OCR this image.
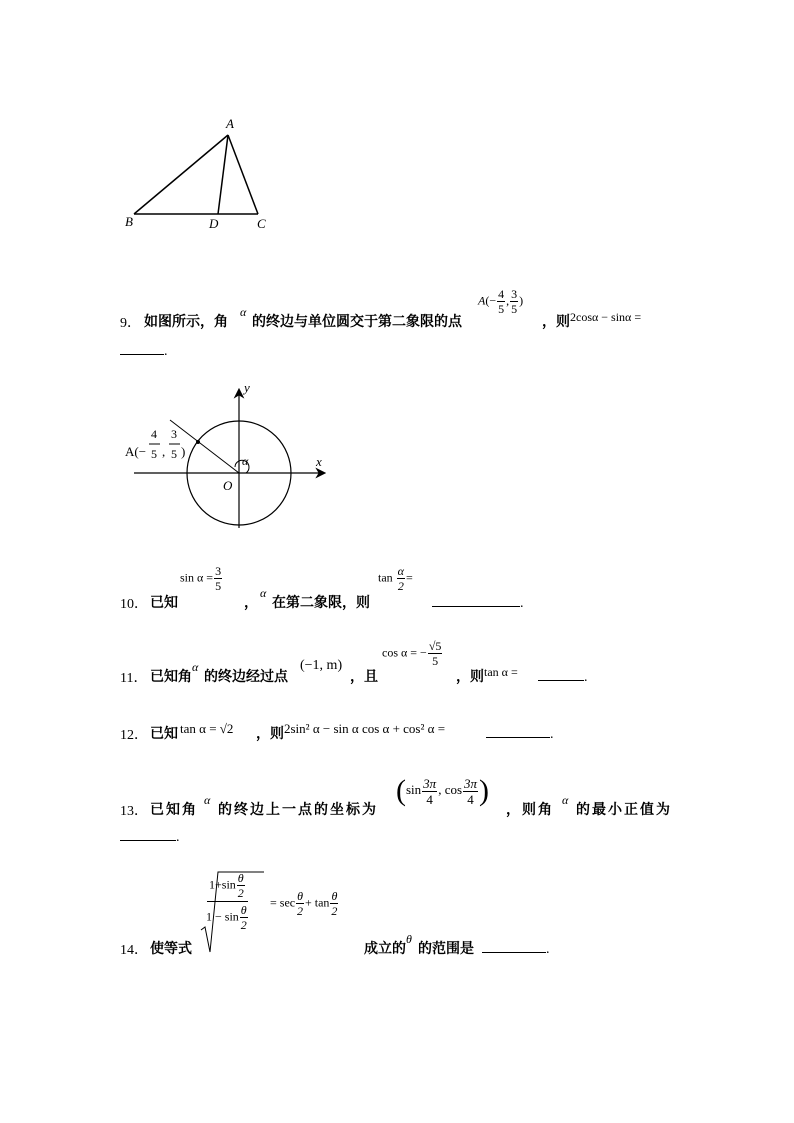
A
B	D	C
9． 如图所示，角
α
的终边与单位圆交于第二象限的点
$A(- \frac{4}{5}$ , $\frac{3}{5}$ )
，则 2cosα − sinα =
.
y
x
O
α
A(−
4
5 ,
3
5 )
10． 已知
$\sin \alpha = \frac{3}{5}$
，
α
在第二象限，则
$\tan \frac{\alpha}{2}$ =
.
11． 已知角
α
的终边经过点
(−1, m)
，且
cos α = − $\frac{√5}{5}$
，则 tan α =	.
12． 已知 tan α = √2 ，则 2sin² α − sin α cos α + cos² α =	.
13． 已知角
α
的终边上一点的坐标为
($\sin \frac{3\pi}{4}$ , $\cos \frac{3\pi}{4}$ )
，则角
α
的最小正值为
.
14． 使等式
$1+\sin \frac{\theta}{2}$
$1 - \sin \frac{\theta}{2}$
= $\sec \frac{\theta}{2} + \tan \frac{\theta}{2}$
成立的
θ
的范围是	.
